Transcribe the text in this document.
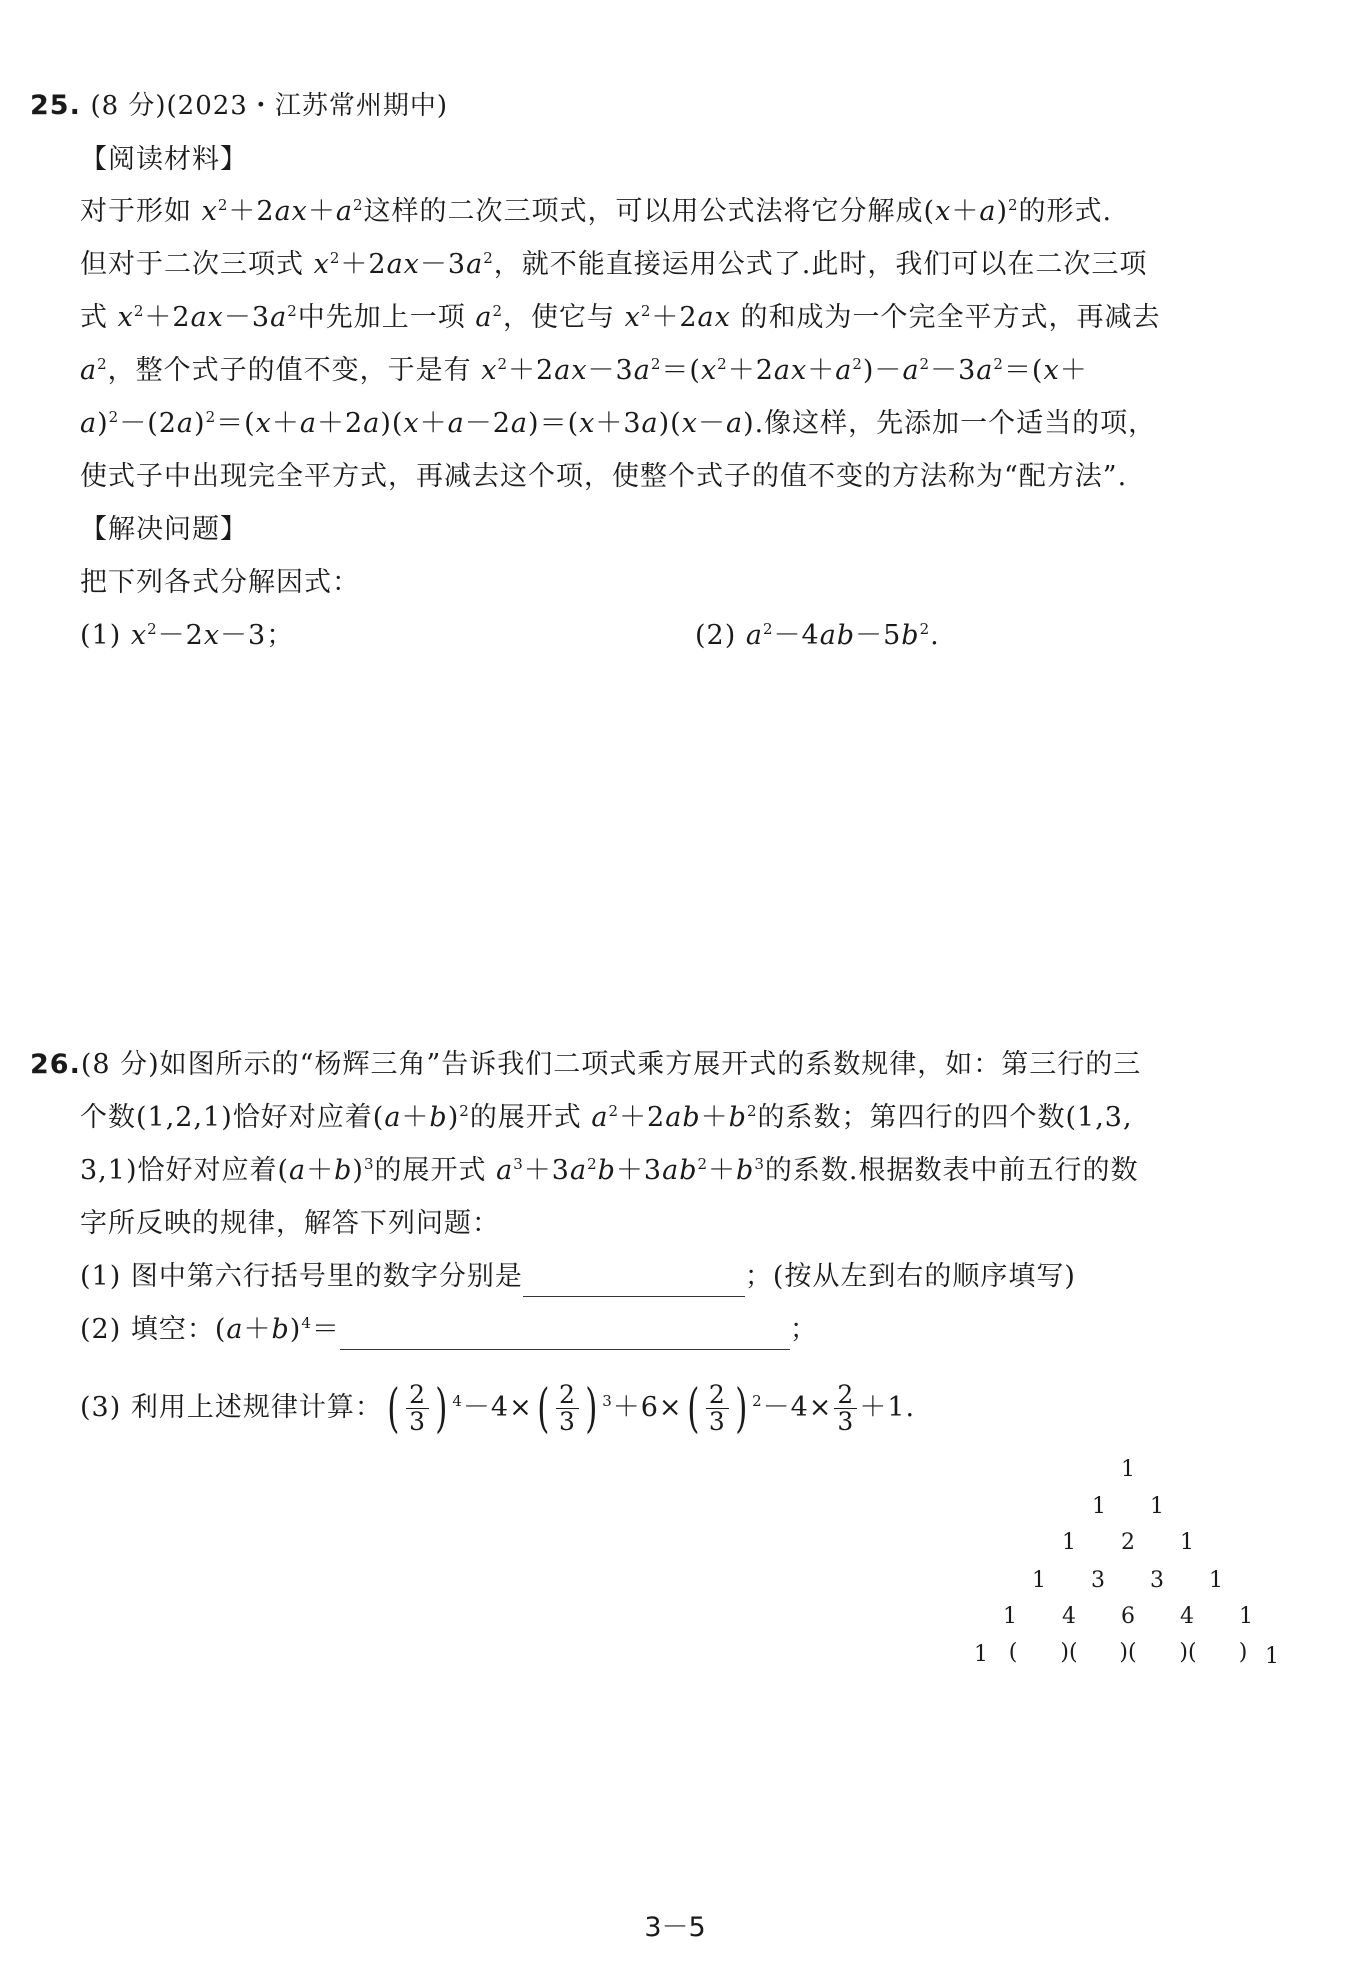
25. (8 分)(2023・江苏常州期中)
【阅读材料】
对于形如 $x^2+2ax+a^2$这样的二次三项式，可以用公式法将它分解成$(x+a)^2$的形式.
但对于二次三项式 $x^2+2ax-3a^2$，就不能直接运用公式了.此时，我们可以在二次三项
式 $x^2+2ax-3a^2$中先加上一项 $a^2$，使它与 $x^2+2ax$ 的和成为一个完全平方式，再减去
$a^2$，整个式子的值不变，于是有 $x^2+2ax-3a^2=(x^2+2ax+a^2)-a^2-3a^2=(x+$
$a)^2-(2a)^2=(x+a+2a)(x+a-2a)=(x+3a)(x-a)$.像这样，先添加一个适当的项，
使式子中出现完全平方式，再减去这个项，使整个式子的值不变的方法称为“配方法”.
【解决问题】
把下列各式分解因式：
(1) $x^2-2x-3$；	(2) $a^2-4ab-5b^2$.
26.(8 分)如图所示的“杨辉三角”告诉我们二项式乘方展开式的系数规律，如：第三行的三
个数(1,2,1)恰好对应着$(a+b)^2$的展开式 $a^2+2ab+b^2$的系数；第四行的四个数(1,3,
3,1)恰好对应着$(a+b)^3$的展开式 $a^3+3a^2b+3ab^2+b^3$的系数.根据数表中前五行的数
字所反映的规律，解答下列问题：
(1) 图中第六行括号里的数字分别是	；(按从左到右的顺序填写)
(2) 填空：$(a+b)^4=$	；
(3) 利用上述规律计算：( $\frac{2}{3}$ ) $^4-4\times( \frac{2}{3}$ ) $^3+6\times( \frac{2}{3}$ ) $^2-4\times \frac{2}{3} +1$.
1
1 1
1 2 1
1 3 3 1
1 4 6 4 1
1 ( )( )( )( ) 1
3－5
